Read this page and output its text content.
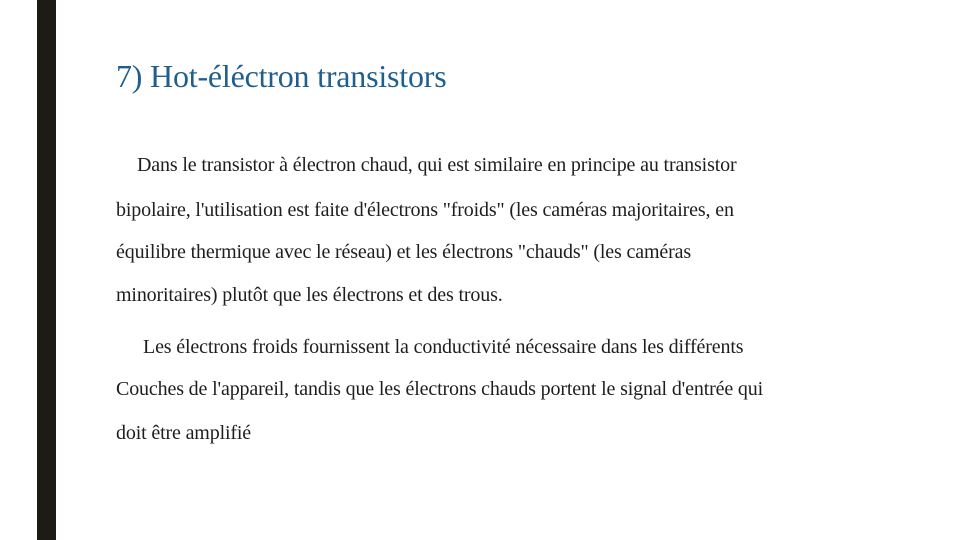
7) Hot-éléctron transistors

Dans le transistor à électron chaud, qui est similaire en principe au transistor

bipolaire, l'utilisation est faite d'électrons "froids" (les caméras majoritaires, en

équilibre thermique avec le réseau) et les électrons "chauds" (les caméras

minoritaires) plutôt que les électrons et des trous.

Les électrons froids fournissent la conductivité nécessaire dans les différents

Couches de l'appareil, tandis que les électrons chauds portent le signal d'entrée qui

doit être amplifié
